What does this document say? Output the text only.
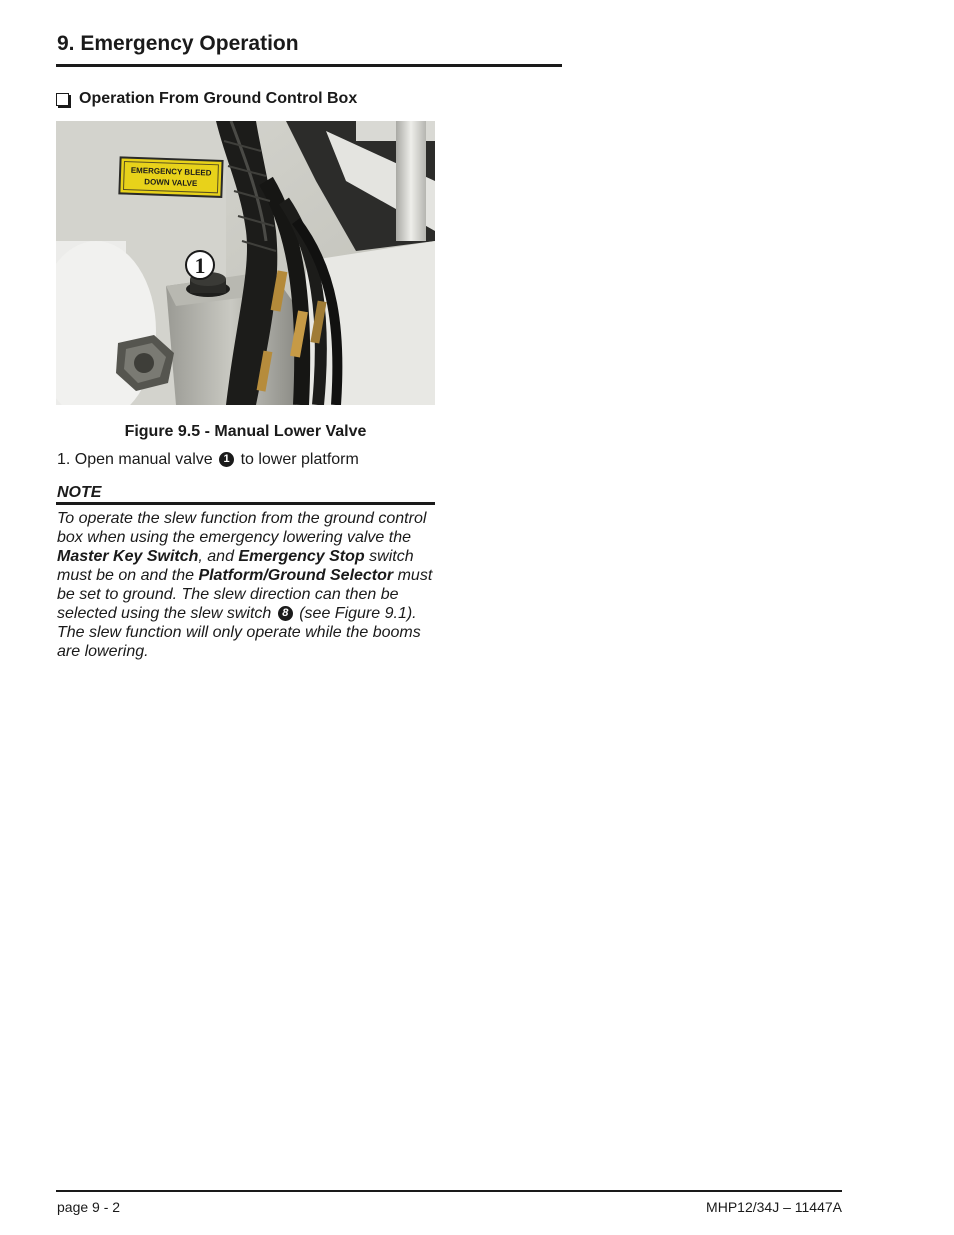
9. Emergency Operation
Operation From Ground Control Box
EMERGENCY BLEED
DOWN VALVE
1
Figure 9.5 - Manual Lower Valve
1. Open manual valve 1 to lower platform
NOTE
To operate the slew function from the ground control box when using the emergency lowering valve the Master Key Switch, and Emergency Stop switch must be on and the Platform/Ground Selector must be set to ground. The slew direction can then be selected using the slew switch 8 (see Figure 9.1). The slew function will only operate while the booms are lowering.
page 9 - 2	MHP12/34J – 11447A
